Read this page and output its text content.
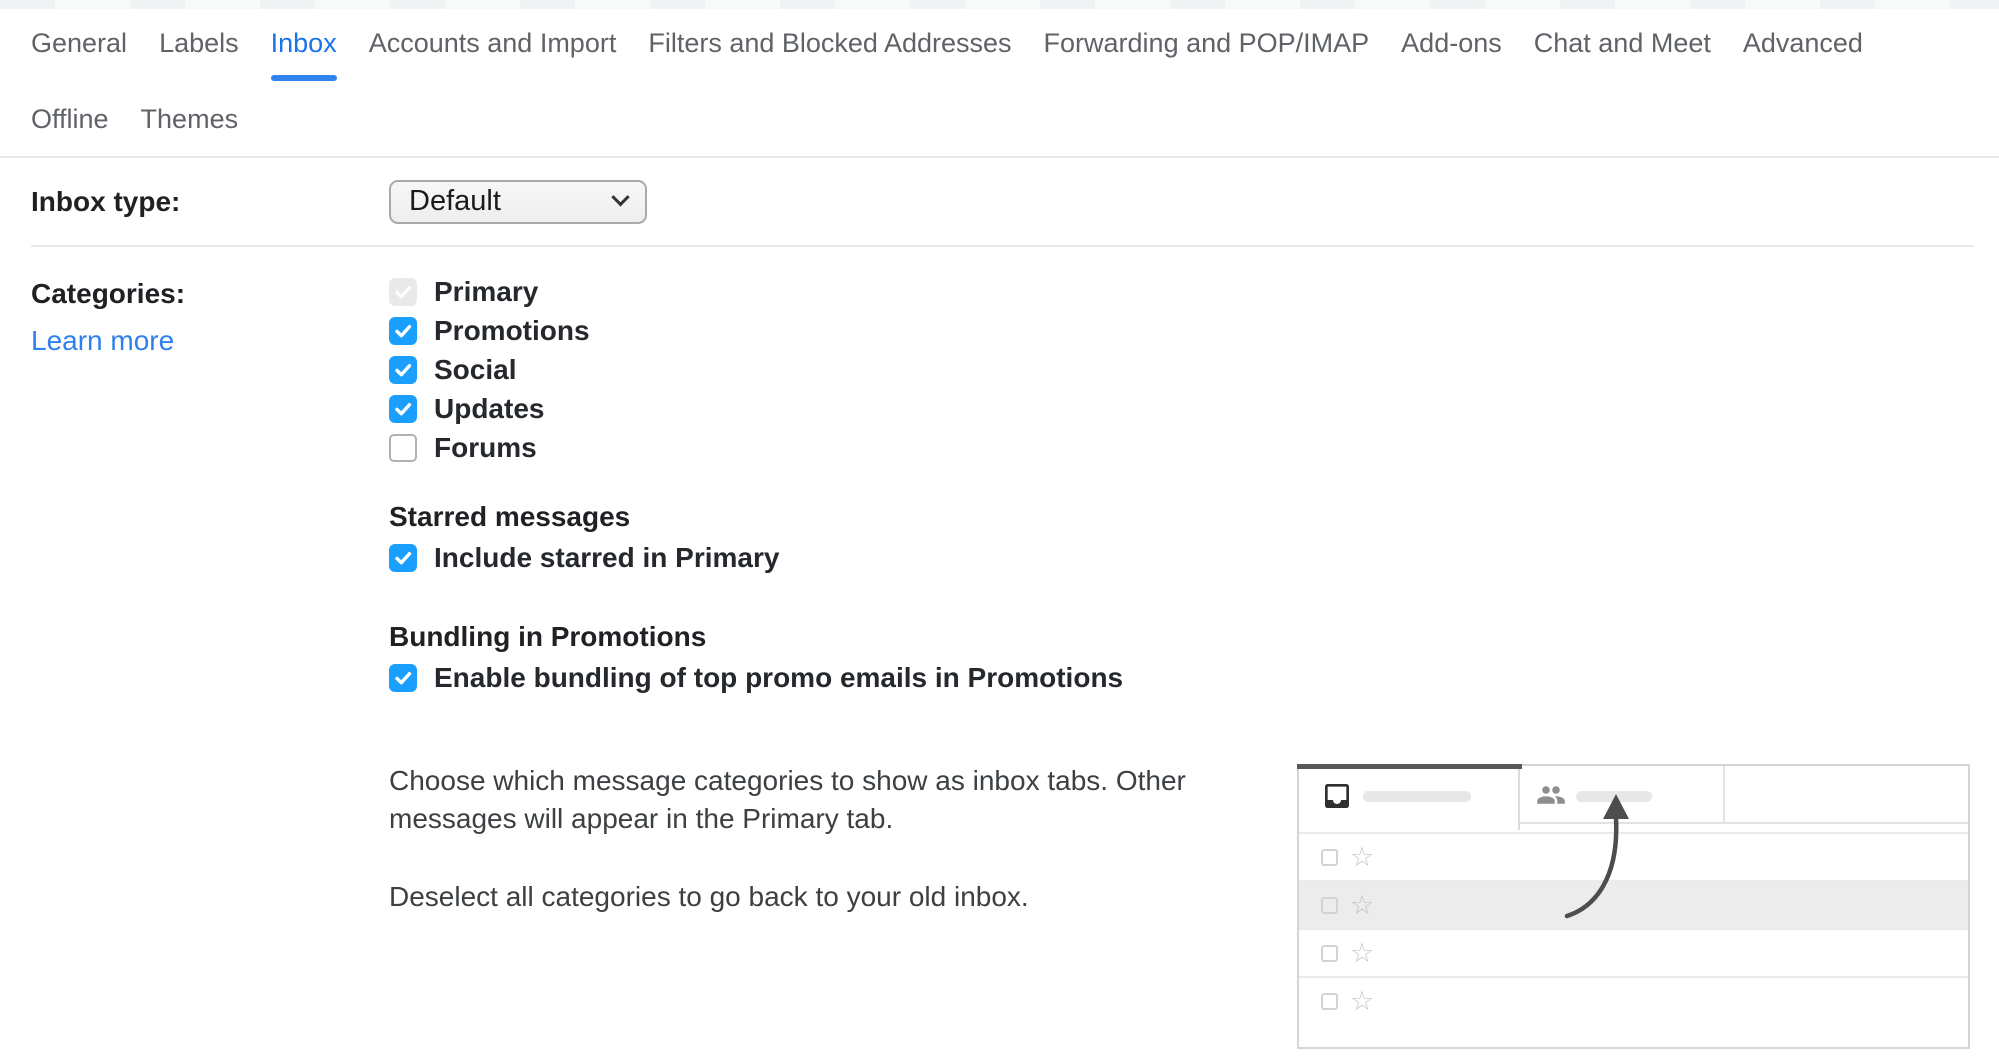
General	Labels	Inbox	Accounts and Import	Filters and Blocked Addresses	Forwarding and POP/IMAP	Add-ons	Chat and Meet	Advanced
Offline	Themes
Inbox type:	Default
Categories:
Learn more
Primary
Promotions
Social
Updates
Forums
Starred messages
Include starred in Primary
Bundling in Promotions
Enable bundling of top promo emails in Promotions

Choose which message categories to show as inbox tabs. Other messages will appear in the Primary tab.

Deselect all categories to go back to your old inbox.

☆
☆
☆
☆
